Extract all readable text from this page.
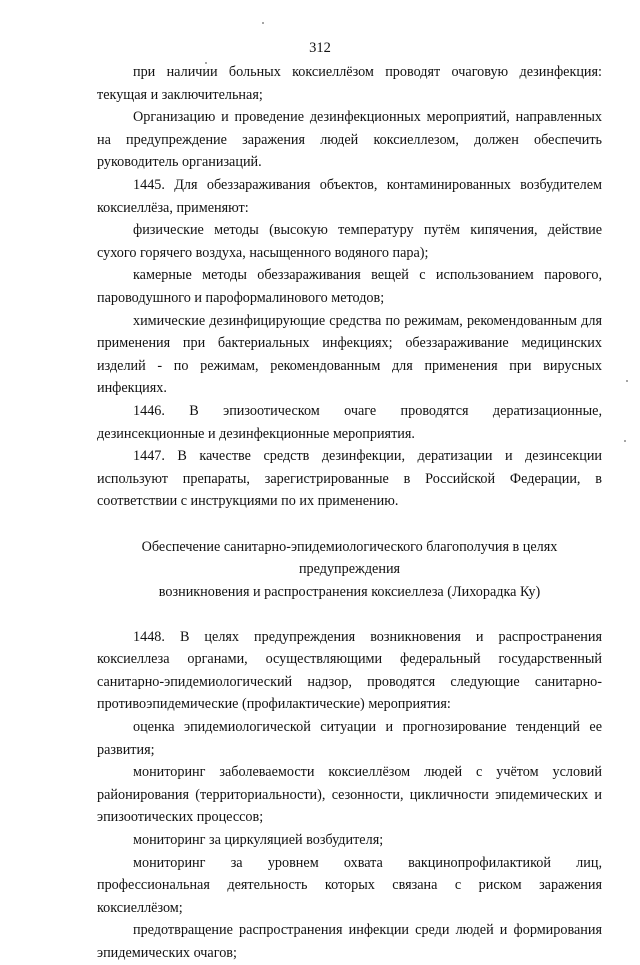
312

при наличии больных коксиеллёзом проводят очаговую дезинфекция: текущая и заключительная;

Организацию и проведение дезинфекционных мероприятий, направленных на предупреждение заражения людей коксиеллезом, должен обеспечить руководитель организаций.

1445. Для обеззараживания объектов, контаминированных возбудителем коксиеллёза, применяют:

физические методы (высокую температуру путём кипячения, действие сухого горячего воздуха, насыщенного водяного пара);

камерные методы обеззараживания вещей с использованием парового, пароводушного и пароформалинового методов;

химические дезинфицирующие средства по режимам, рекомендованным для применения при бактериальных инфекциях; обеззараживание медицинских изделий - по режимам, рекомендованным для применения при вирусных инфекциях.

1446. В эпизоотическом очаге проводятся дератизационные, дезинсекционные и дезинфекционные мероприятия.

1447. В качестве средств дезинфекции, дератизации и дезинсекции используют препараты, зарегистрированные в Российской Федерации, в соответствии с инструкциями по их применению.

Обеспечение санитарно-эпидемиологического благополучия в целях предупреждения
возникновения и распространения коксиеллеза (Лихорадка Ку)

1448. В целях предупреждения возникновения и распространения коксиеллеза органами, осуществляющими федеральный государственный санитарно-эпидемиологический надзор, проводятся следующие санитарно-противоэпидемические (профилактические) мероприятия:

оценка эпидемиологической ситуации и прогнозирование тенденций ее развития;

мониторинг заболеваемости коксиеллёзом людей с учётом условий районирования (территориальности), сезонности, цикличности эпидемических и эпизоотических процессов;

мониторинг за циркуляцией возбудителя;

мониторинг за уровнем охвата вакцинопрофилактикой лиц, профессиональная деятельность которых связана с риском заражения коксиеллёзом;

предотвращение распространения инфекции среди людей и формирования эпидемических очагов;
